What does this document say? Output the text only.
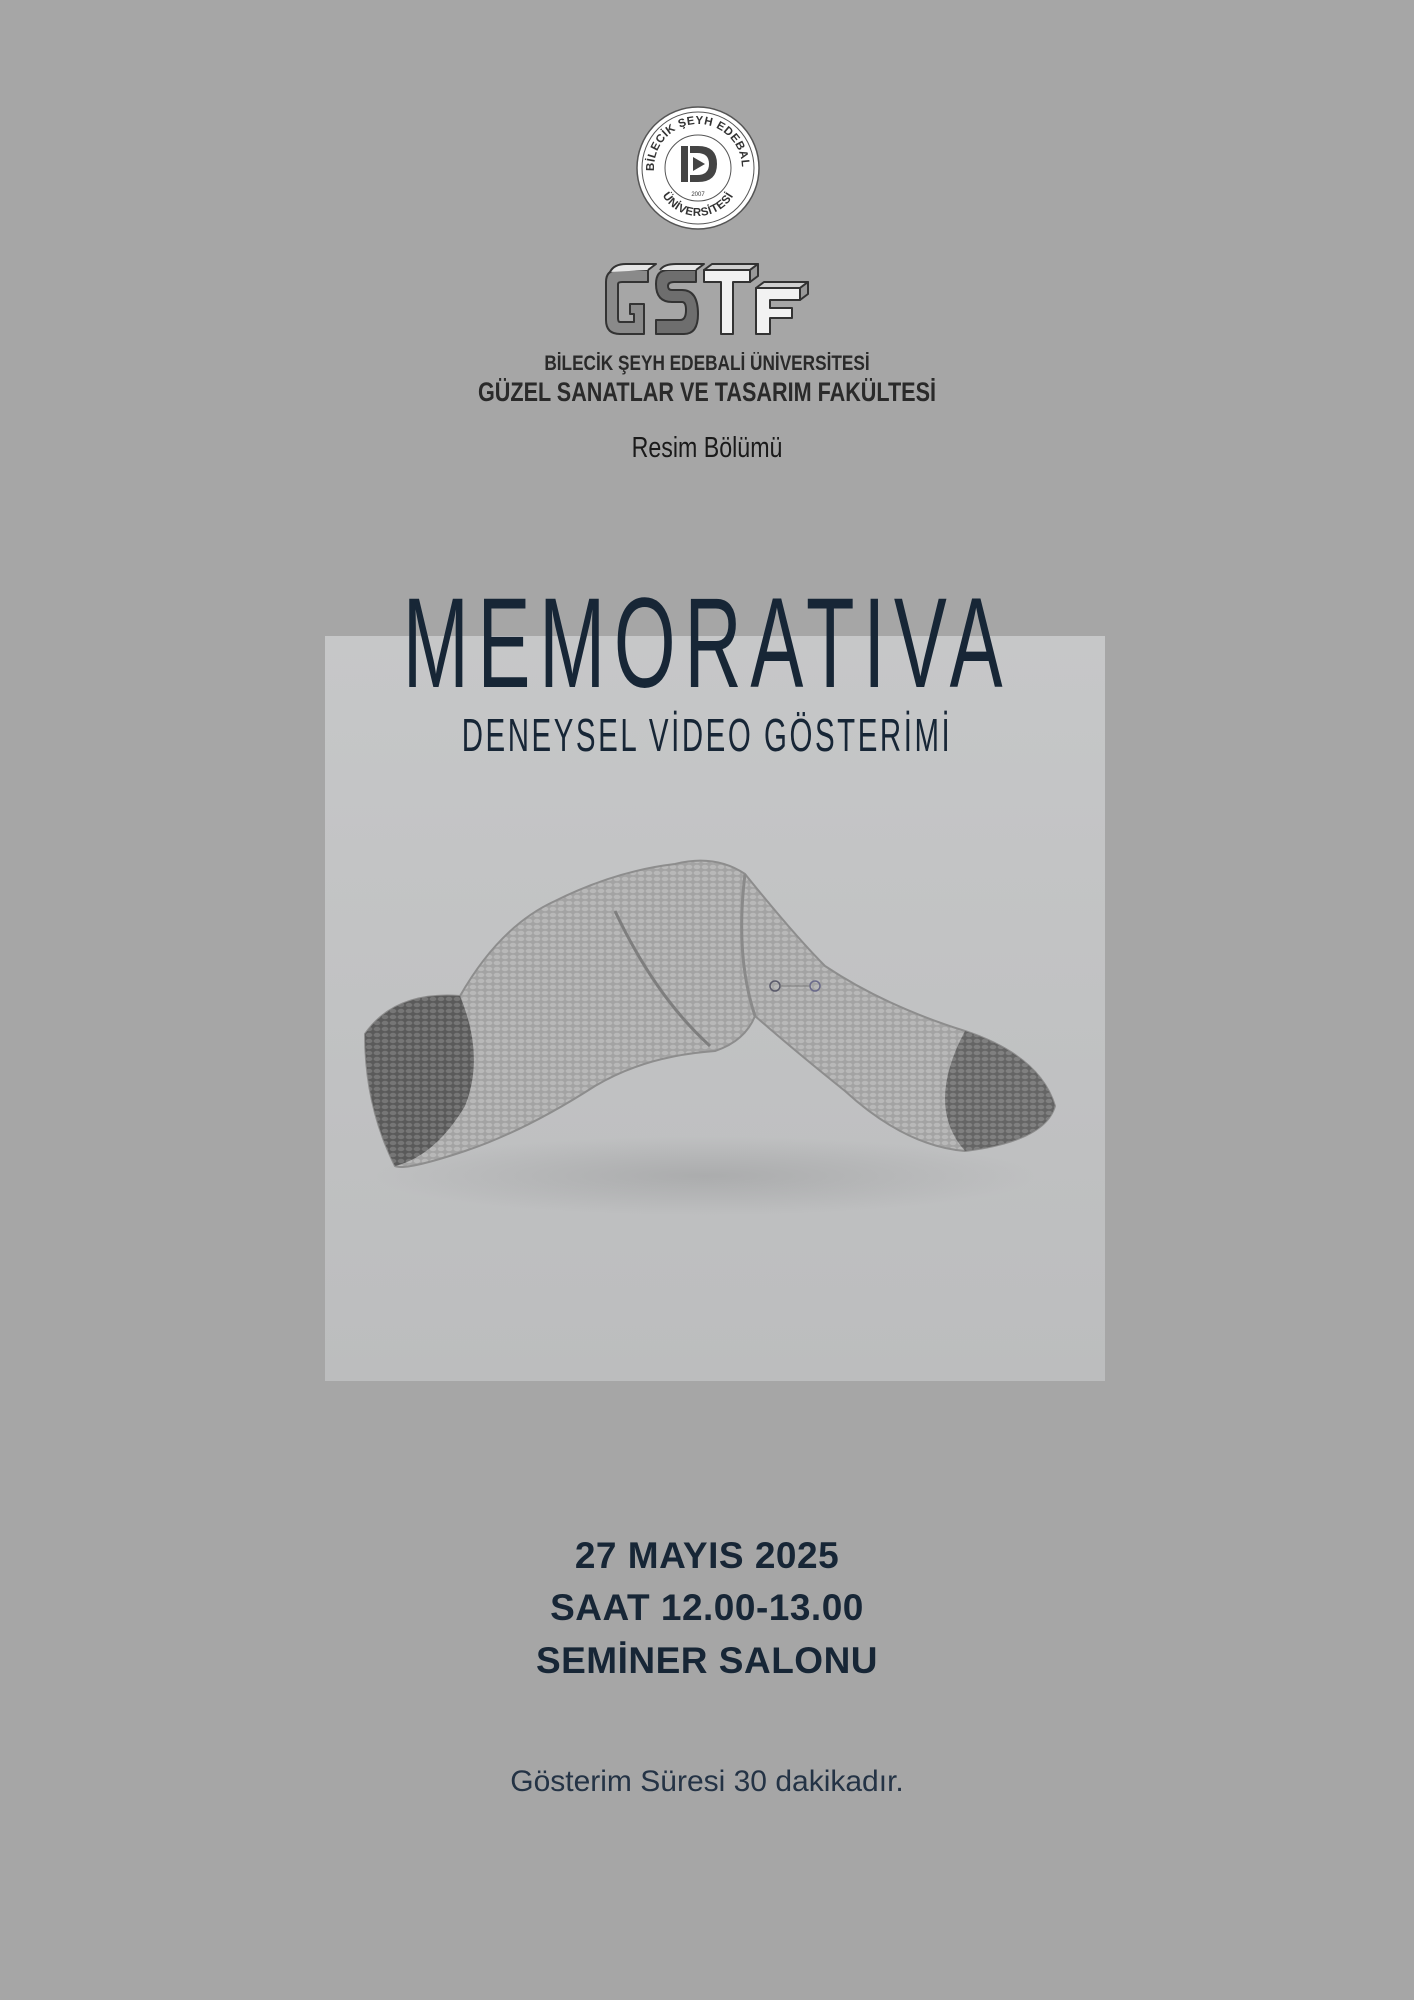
BİLECİK ŞEYH EDEBAL
ÜNİVERSİTESİ
2007
BİLECİK ŞEYH EDEBALİ ÜNİVERSİTESİ
GÜZEL SANATLAR VE TASARIM FAKÜLTESİ
Resim Bölümü
MEMORATIVA
DENEYSEL VİDEO GÖSTERİMİ
27 MAYIS 2025
SAAT 12.00-13.00
SEMİNER SALONU
Gösterim Süresi 30 dakikadır.
